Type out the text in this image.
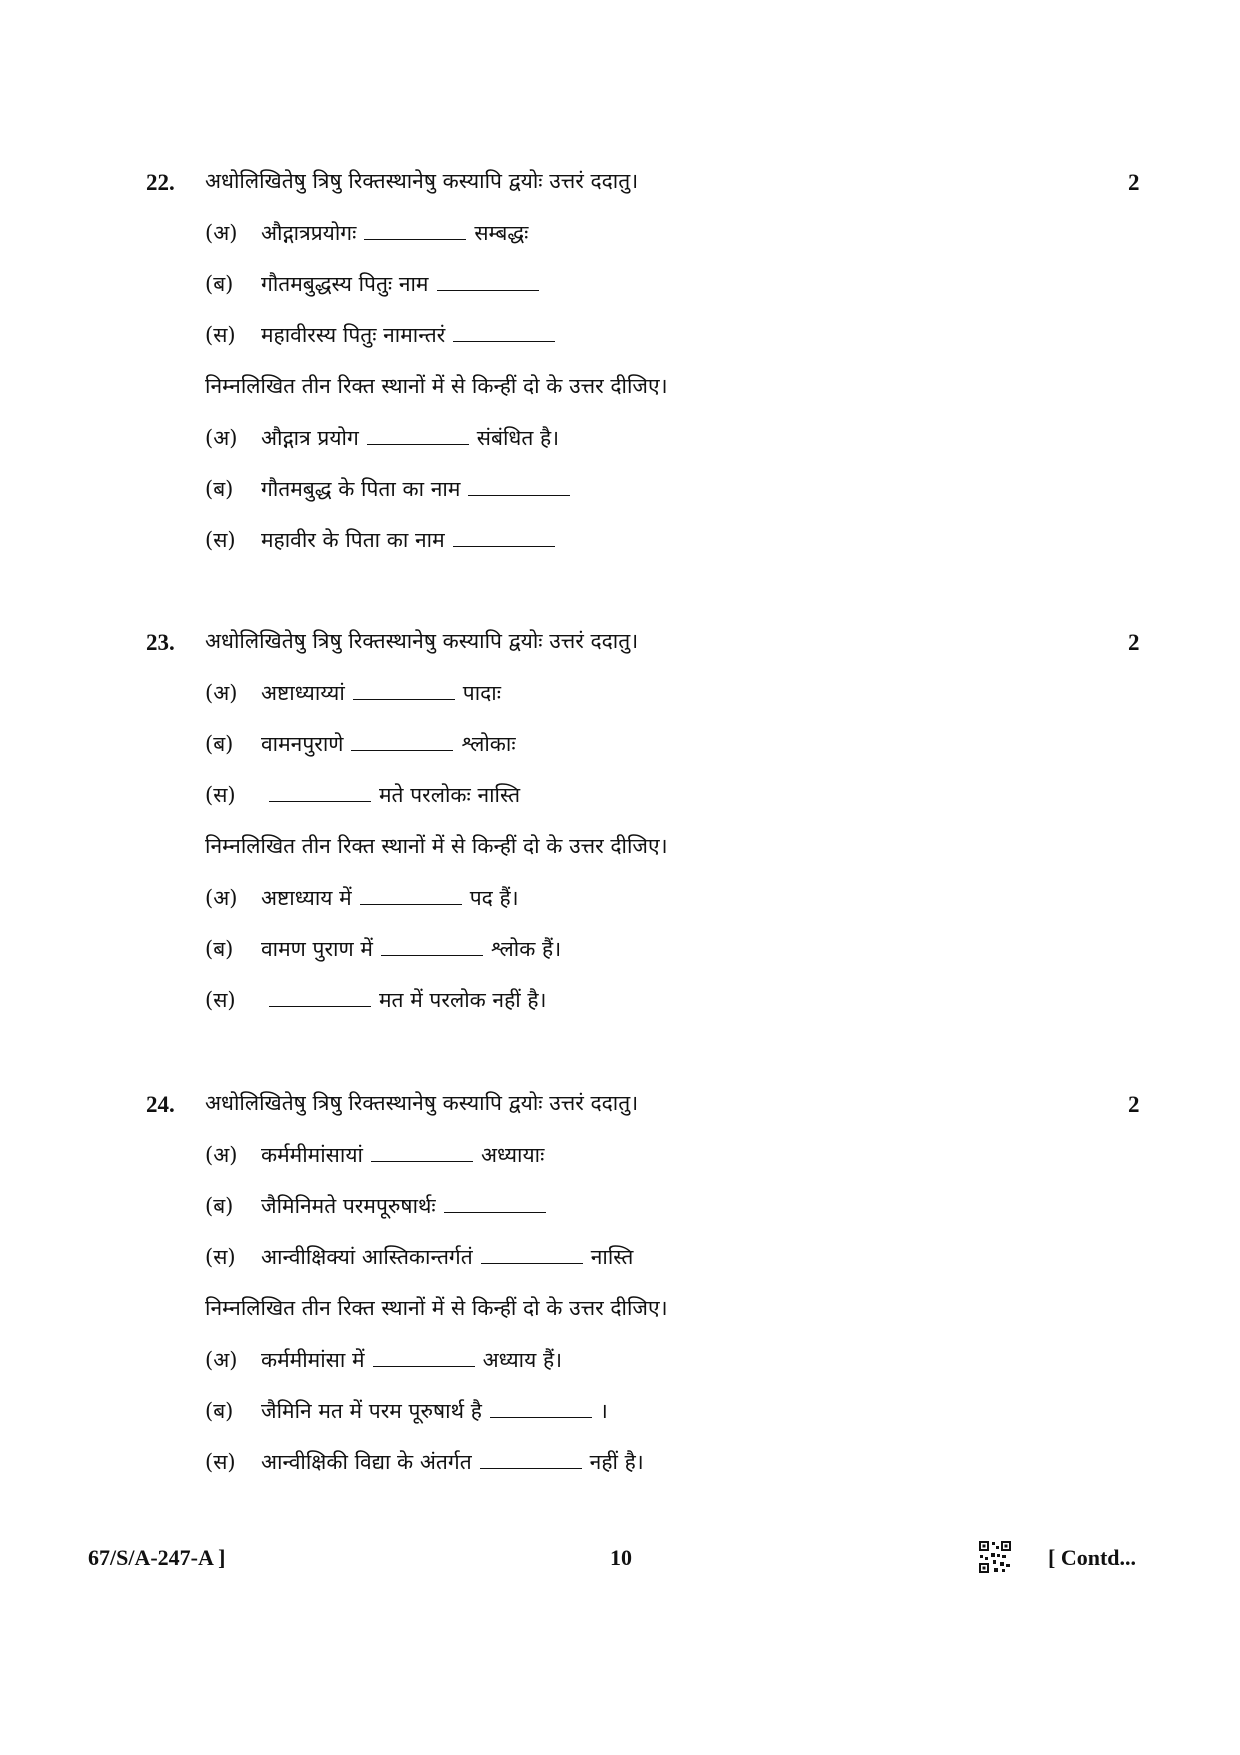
22.	2
अधोलिखितेषु त्रिषु रिक्तस्थानेषु कस्यापि द्वयोः उत्तरं ददातु।
(अ) औद्गात्रप्रयोगः	सम्बद्धः
(ब) गौतमबुद्धस्य पितुः नाम
(स) महावीरस्य पितुः नामान्तरं
निम्नलिखित तीन रिक्त स्थानों में से किन्हीं दो के उत्तर दीजिए।
(अ) औद्गात्र प्रयोग	संबंधित है।
(ब) गौतमबुद्ध के पिता का नाम
(स) महावीर के पिता का नाम
23.	2
अधोलिखितेषु त्रिषु रिक्तस्थानेषु कस्यापि द्वयोः उत्तरं ददातु।
(अ) अष्टाध्याय्यां	पादाः
(ब) वामनपुराणे	श्लोकाः
(स)	मते परलोकः नास्ति
निम्नलिखित तीन रिक्त स्थानों में से किन्हीं दो के उत्तर दीजिए।
(अ) अष्टाध्याय में	पद हैं।
(ब) वामण पुराण में	श्लोक हैं।
(स)	मत में परलोक नहीं है।
24.	2
अधोलिखितेषु त्रिषु रिक्तस्थानेषु कस्यापि द्वयोः उत्तरं ददातु।
(अ) कर्ममीमांसायां	अध्यायाः
(ब) जैमिनिमते परमपूरुषार्थः
(स) आन्वीक्षिक्यां आस्तिकान्तर्गतं	नास्ति
निम्नलिखित तीन रिक्त स्थानों में से किन्हीं दो के उत्तर दीजिए।
(अ) कर्ममीमांसा में	अध्याय हैं।
(ब) जैमिनि मत में परम पूरुषार्थ है	।
(स) आन्वीक्षिकी विद्या के अंतर्गत	नहीं है।
67/S/A-247-A ]	10	[ Contd...
